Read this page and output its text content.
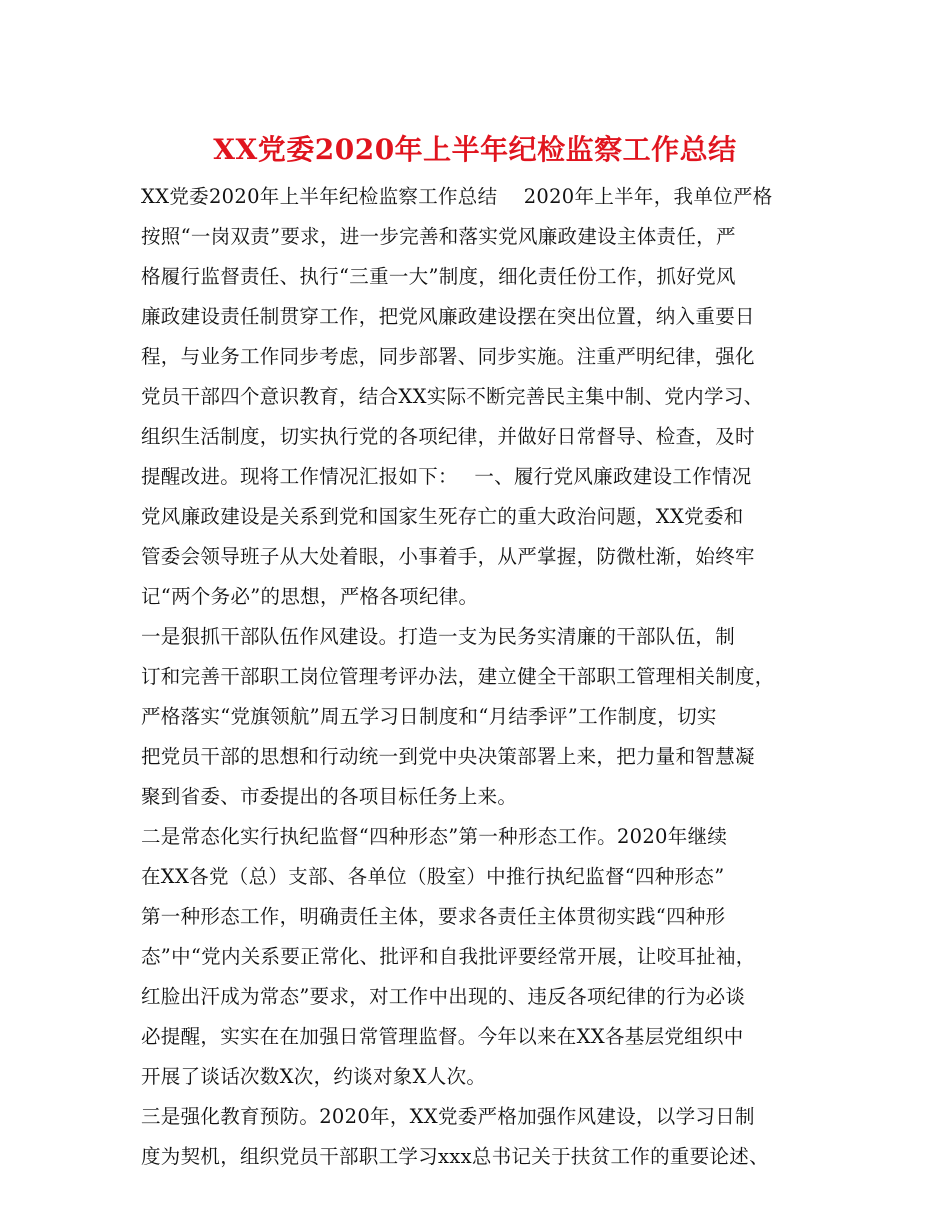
XX党委2020年上半年纪检监察工作总结
XX党委2020年上半年纪检监察工作总结　 2020年上半年，我单位严格
按照“一岗双责”要求，进一步完善和落实党风廉政建设主体责任，严
格履行监督责任、执行“三重一大”制度，细化责任份工作，抓好党风
廉政建设责任制贯穿工作，把党风廉政建设摆在突出位置，纳入重要日
程，与业务工作同步考虑，同步部署、同步实施。注重严明纪律，强化
党员干部四个意识教育，结合XX实际不断完善民主集中制、党内学习、
组织生活制度，切实执行党的各项纪律，并做好日常督导、检查，及时
提醒改进。现将工作情况汇报如下：　 一、履行党风廉政建设工作情况
党风廉政建设是关系到党和国家生死存亡的重大政治问题，XX党委和
管委会领导班子从大处着眼，小事着手，从严掌握，防微杜渐，始终牢
记“两个务必”的思想，严格各项纪律。
一是狠抓干部队伍作风建设。打造一支为民务实清廉的干部队伍，制
订和完善干部职工岗位管理考评办法，建立健全干部职工管理相关制度，
严格落实“党旗领航”周五学习日制度和“月结季评”工作制度，切实
把党员干部的思想和行动统一到党中央决策部署上来，把力量和智慧凝
聚到省委、市委提出的各项目标任务上来。
二是常态化实行执纪监督“四种形态”第一种形态工作。2020年继续
在XX各党（总）支部、各单位（股室）中推行执纪监督“四种形态”
第一种形态工作，明确责任主体，要求各责任主体贯彻实践“四种形
态”中“党内关系要正常化、批评和自我批评要经常开展，让咬耳扯袖，
红脸出汗成为常态”要求，对工作中出现的、违反各项纪律的行为必谈
必提醒，实实在在加强日常管理监督。今年以来在XX各基层党组织中
开展了谈话次数X次，约谈对象X人次。
三是强化教育预防。2020年，XX党委严格加强作风建设，以学习日制
度为契机，组织党员干部职工学习xxx总书记关于扶贫工作的重要论述、
